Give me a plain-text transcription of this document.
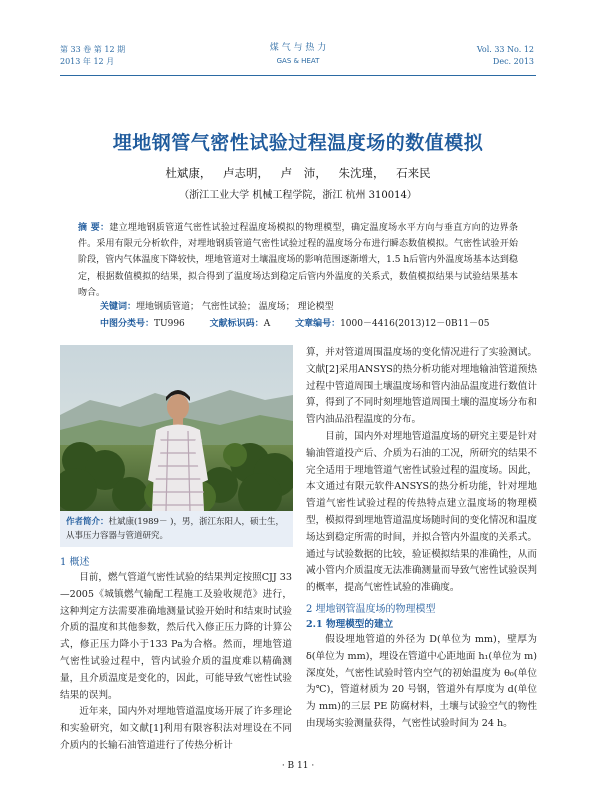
第 33 卷 第 12 期
2013 年 12 月
煤 气 与 热 力
GAS & HEAT
Vol. 33 No. 12
Dec. 2013
埋地钢管气密性试验过程温度场的数值模拟
杜斌康， 卢志明， 卢 沛， 朱沈瑾， 石来民
（浙江工业大学 机械工程学院，浙江 杭州 310014）
摘 要：建立埋地钢质管道气密性试验过程温度场模拟的物理模型，确定温度场水平方向与垂直方向的边界条件。采用有限元分析软件，对埋地钢质管道气密性试验过程的温度场分布进行瞬态数值模拟。气密性试验开始阶段，管内气体温度下降较快，埋地管道对土壤温度场的影响范围逐渐增大，1.5 h后管内外温度场基本达到稳定，根据数值模拟的结果，拟合得到了温度场达到稳定后管内外温度的关系式，数值模拟结果与试验结果基本吻合。
关键词：埋地钢质管道； 气密性试验； 温度场； 理论模型
中图分类号：TU996	文献标识码：A	文章编号：1000－4416(2013)12－0B11－05
作者简介：杜斌康(1989－ )，男，浙江东阳人，硕士生，从事压力容器与管道研究。
1 概述

目前，燃气管道气密性试验的结果判定按照CJJ 33—2005《城镇燃气输配工程施工及验收规范》进行，这种判定方法需要准确地测量试验开始时和结束时试验介质的温度和其他参数，然后代入修正压力降的计算公式，修正压力降小于133 Pa为合格。然而，埋地管道气密性试验过程中，管内试验介质的温度难以精确测量，且介质温度是变化的，因此，可能导致气密性试验结果的误判。

近年来，国内外对埋地管道温度场开展了许多理论和实验研究，如文献[1]利用有限容积法对埋设在不同介质内的长输石油管道进行了传热分析计

算，并对管道周围温度场的变化情况进行了实验测试。文献[2]采用ANSYS的热分析功能对埋地输油管道预热过程中管道周围土壤温度场和管内油品温度进行数值计算，得到了不同时刻埋地管道周围土壤的温度场分布和管内油品沿程温度的分布。

目前，国内外对埋地管道温度场的研究主要是针对输油管道投产后、介质为石油的工况，所研究的结果不完全适用于埋地管道气密性试验过程的温度场。因此，本文通过有限元软件ANSYS的热分析功能，针对埋地管道气密性试验过程的传热特点建立温度场的物理模型，模拟得到埋地管道温度场随时间的变化情况和温度场达到稳定所需的时间，并拟合管内外温度的关系式。通过与试验数据的比较，验证模拟结果的准确性，从而减小管内介质温度无法准确测量而导致气密性试验误判的概率，提高气密性试验的准确度。

2 埋地钢管温度场的物理模型
2.1 物理模型的建立

假设埋地管道的外径为 D(单位为 mm)，壁厚为 δ(单位为 mm)，埋设在管道中心距地面 h₁(单位为 m)深度处，气密性试验时管内空气的初始温度为 θ₀(单位为℃)，管道材质为 20 号钢，管道外有厚度为 d(单位为 mm)的三层 PE 防腐材料，土壤与试验空气的物性由现场实验测量获得，气密性试验时间为 24 h。

· B 11 ·
